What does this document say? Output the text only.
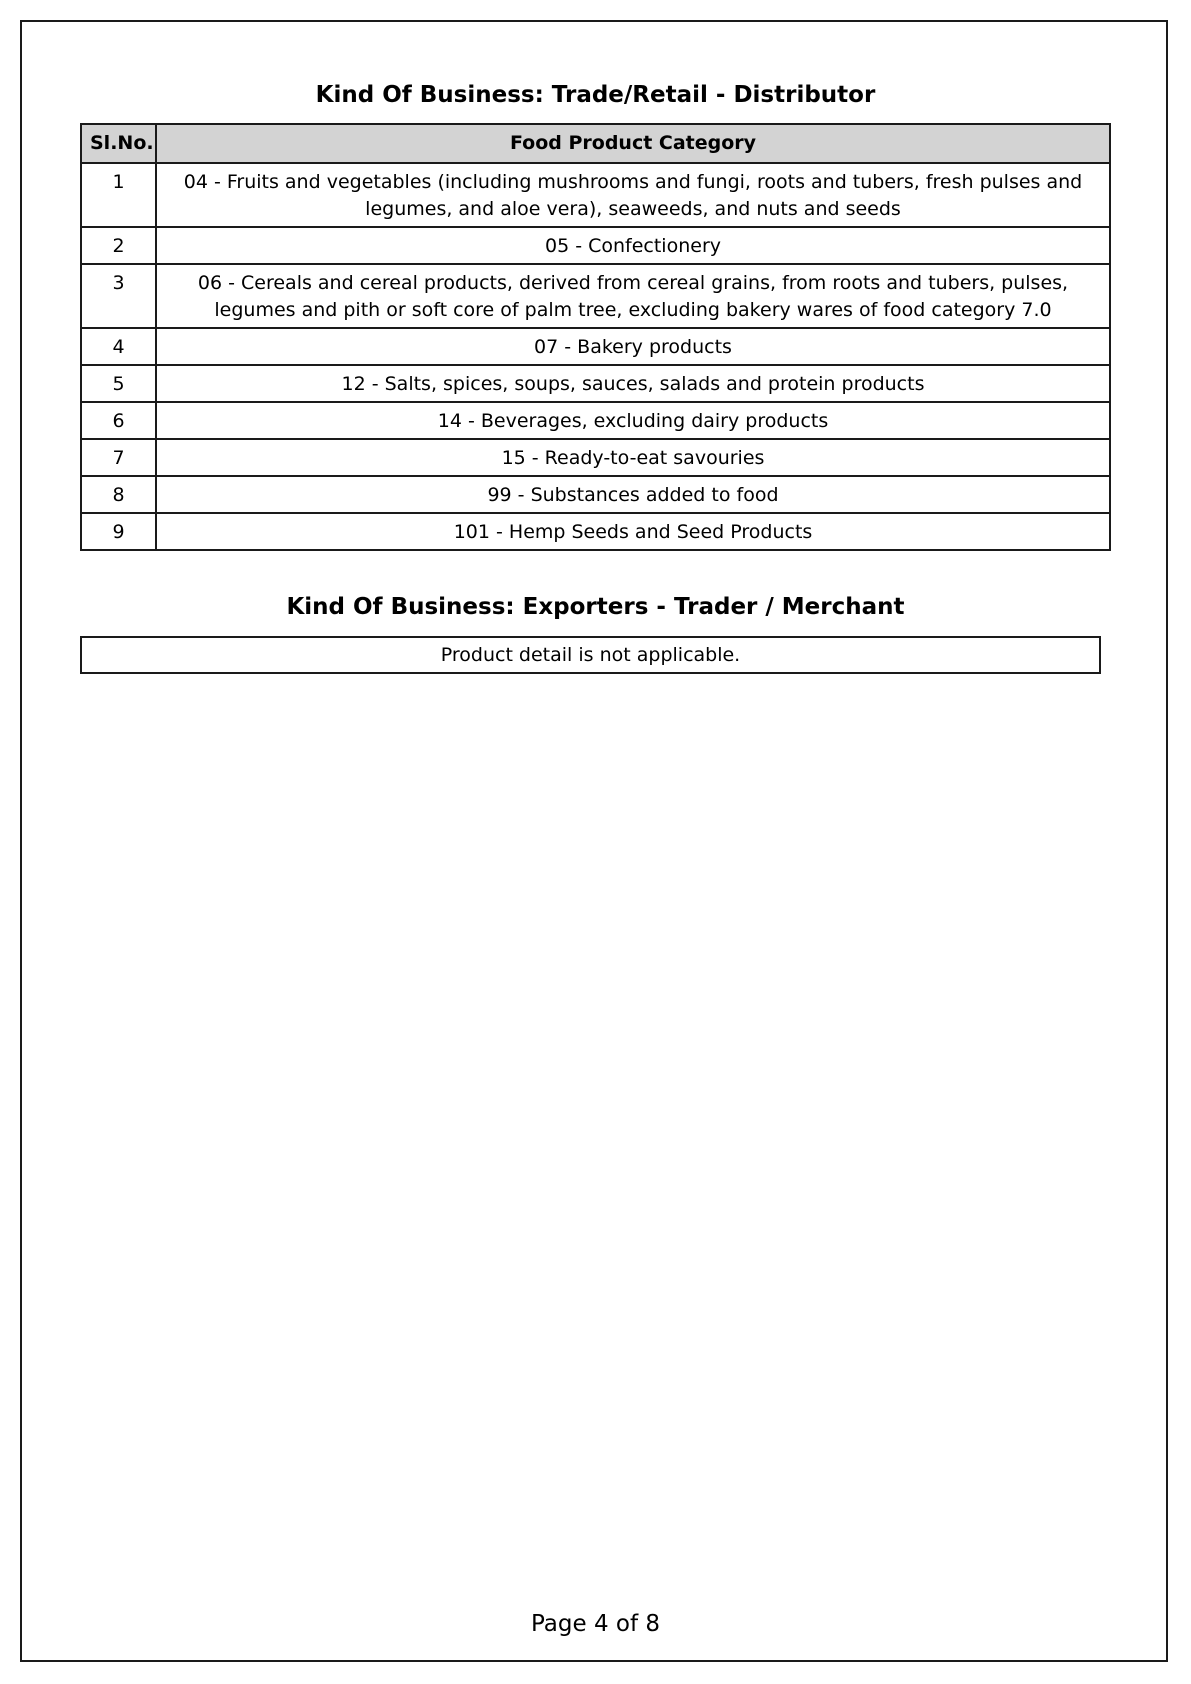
Kind Of Business: Trade/Retail - Distributor
Sl.No.	Food Product Category
1	04 - Fruits and vegetables (including mushrooms and fungi, roots and tubers, fresh pulses and legumes, and aloe vera), seaweeds, and nuts and seeds
2	05 - Confectionery
3	06 - Cereals and cereal products, derived from cereal grains, from roots and tubers, pulses, legumes and pith or soft core of palm tree, excluding bakery wares of food category 7.0
4	07 - Bakery products
5	12 - Salts, spices, soups, sauces, salads and protein products
6	14 - Beverages, excluding dairy products
7	15 - Ready-to-eat savouries
8	99 - Substances added to food
9	101 - Hemp Seeds and Seed Products
Kind Of Business: Exporters - Trader / Merchant
Product detail is not applicable.
Page 4 of 8
